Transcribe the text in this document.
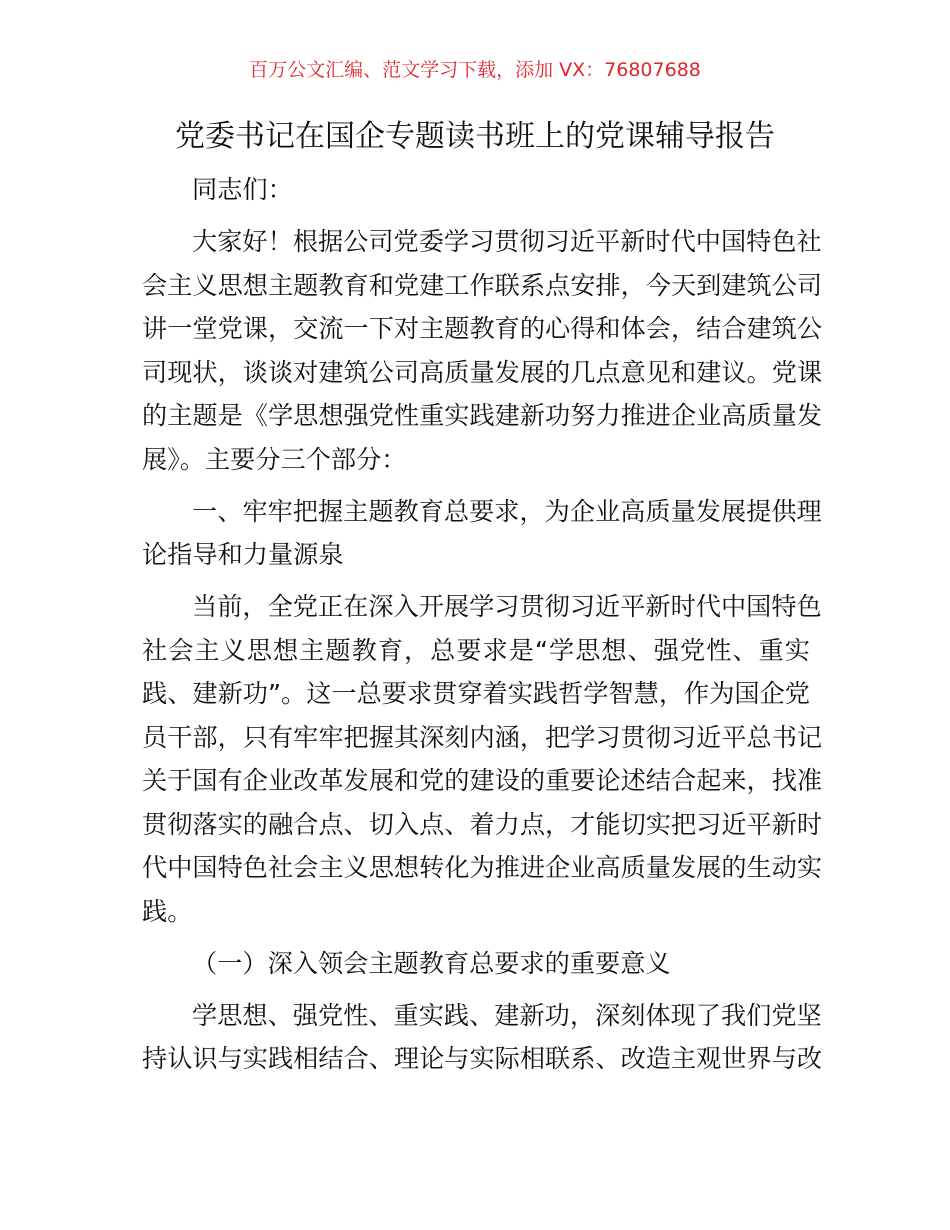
百万公文汇编、范文学习下载，添加 VX：76807688
党委书记在国企专题读书班上的党课辅导报告
同志们：
大家好！根据公司党委学习贯彻习近平新时代中国特色社
会主义思想主题教育和党建工作联系点安排，今天到建筑公司
讲一堂党课，交流一下对主题教育的心得和体会，结合建筑公
司现状，谈谈对建筑公司高质量发展的几点意见和建议。党课
的主题是《学思想强党性重实践建新功努力推进企业高质量发
展》。主要分三个部分：
一、牢牢把握主题教育总要求，为企业高质量发展提供理
论指导和力量源泉
当前，全党正在深入开展学习贯彻习近平新时代中国特色
社会主义思想主题教育，总要求是“学思想、强党性、重实
践、建新功”。这一总要求贯穿着实践哲学智慧，作为国企党
员干部，只有牢牢把握其深刻内涵，把学习贯彻习近平总书记
关于国有企业改革发展和党的建设的重要论述结合起来，找准
贯彻落实的融合点、切入点、着力点，才能切实把习近平新时
代中国特色社会主义思想转化为推进企业高质量发展的生动实
践。
（一）深入领会主题教育总要求的重要意义
学思想、强党性、重实践、建新功，深刻体现了我们党坚
持认识与实践相结合、理论与实际相联系、改造主观世界与改
